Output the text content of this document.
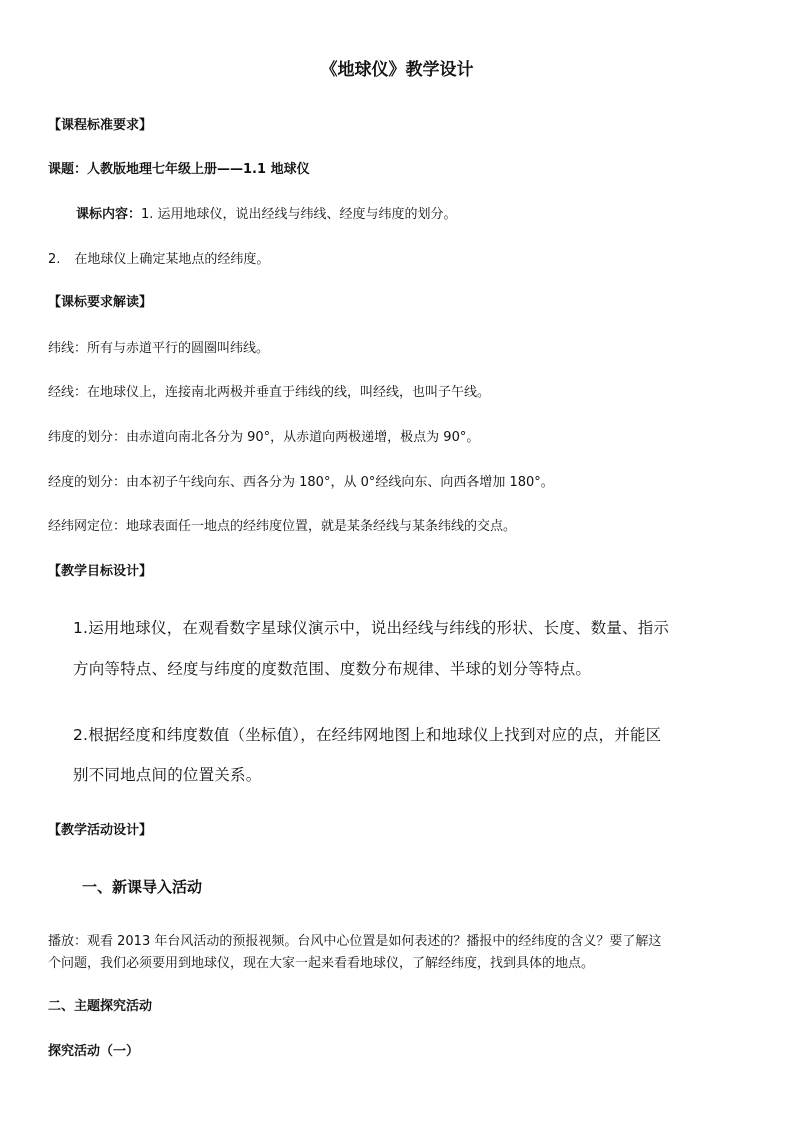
《地球仪》教学设计
【课程标准要求】
课题：人教版地理七年级上册——1.1 地球仪
课标内容：1. 运用地球仪，说出经线与纬线、经度与纬度的划分。
2. 在地球仪上确定某地点的经纬度。
【课标要求解读】
纬线：所有与赤道平行的圆圈叫纬线。
经线：在地球仪上，连接南北两极并垂直于纬线的线，叫经线，也叫子午线。
纬度的划分：由赤道向南北各分为 90°，从赤道向两极递增，极点为 90°。
经度的划分：由本初子午线向东、西各分为 180°，从 0°经线向东、向西各增加 180°。
经纬网定位：地球表面任一地点的经纬度位置，就是某条经线与某条纬线的交点。
【教学目标设计】
1.运用地球仪，在观看数字星球仪演示中，说出经线与纬线的形状、长度、数量、指示
方向等特点、经度与纬度的度数范围、度数分布规律、半球的划分等特点。
2.根据经度和纬度数值（坐标值），在经纬网地图上和地球仪上找到对应的点，并能区
别不同地点间的位置关系。
【教学活动设计】
一、新课导入活动
播放：观看 2013 年台风活动的预报视频。台风中心位置是如何表述的？播报中的经纬度的含义？要了解这
个问题，我们必须要用到地球仪，现在大家一起来看看地球仪，了解经纬度，找到具体的地点。
二、主题探究活动
探究活动（一）
